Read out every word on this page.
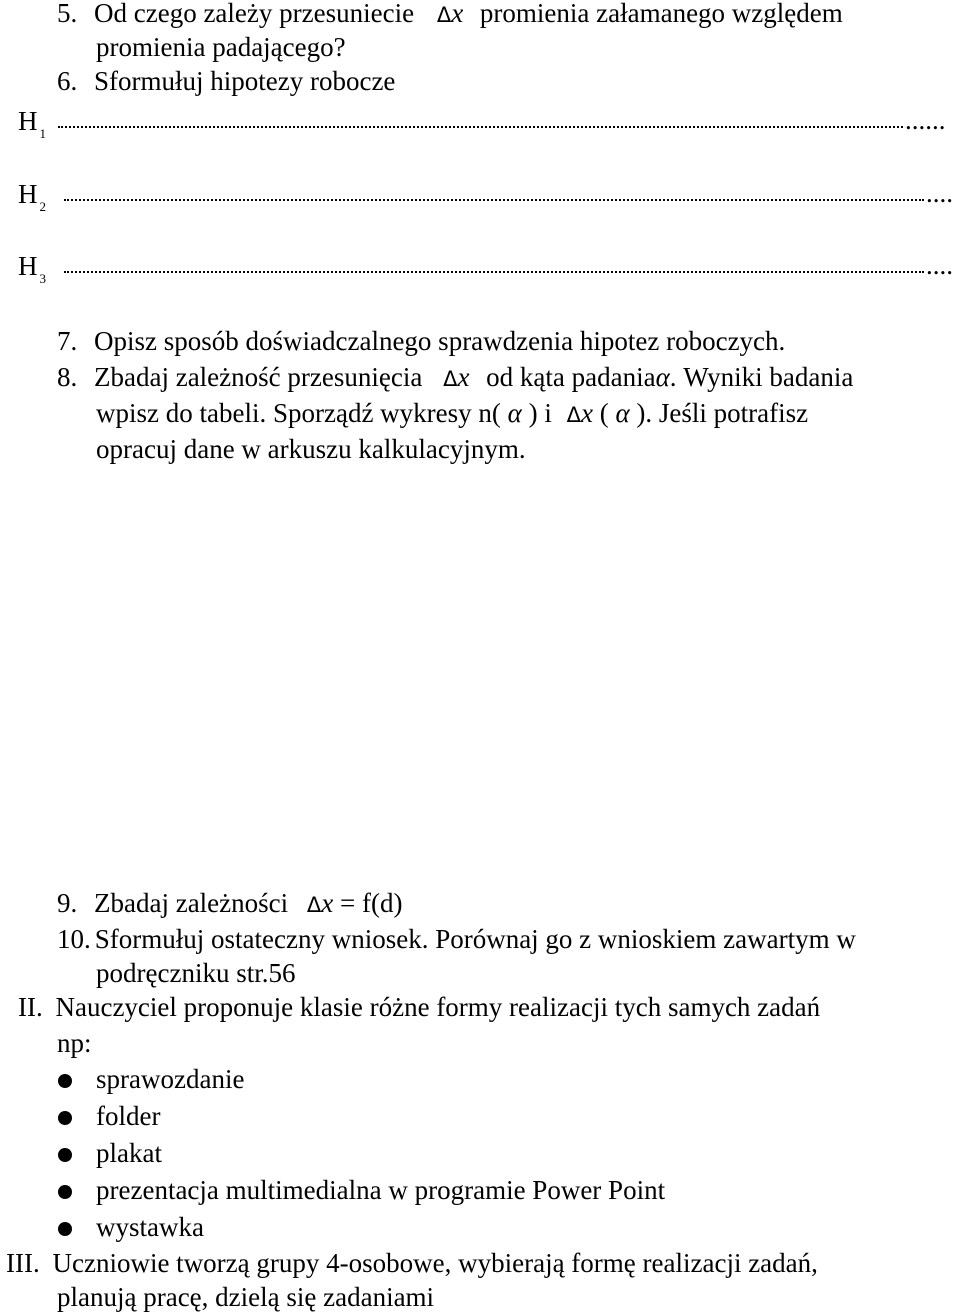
5. Od czego zależy przesuniecie Δx promienia załamanego względem
promienia padającego?
6. Sformułuj hipotezy robocze
H $_1$	......
H $_2$	....
H $_3$	....
7. Opisz sposób doświadczalnego sprawdzenia hipotez roboczych.
8. Zbadaj zależność przesunięcia Δx od kąta padaniaα. Wyniki badania
wpisz do tabeli. Sporządź wykresy n( α ) i Δx ( α ). Jeśli potrafisz
opracuj dane w arkuszu kalkulacyjnym.
9. Zbadaj zależności Δx = f(d)
10. Sformułuj ostateczny wniosek. Porównaj go z wnioskiem zawartym w
podręczniku str.56
II. Nauczyciel proponuje klasie różne formy realizacji tych samych zadań
np:
sprawozdanie
folder
plakat
prezentacja multimedialna w programie Power Point
wystawka
III. Uczniowie tworzą grupy 4-osobowe, wybierają formę realizacji zadań,
planują pracę, dzielą się zadaniami
